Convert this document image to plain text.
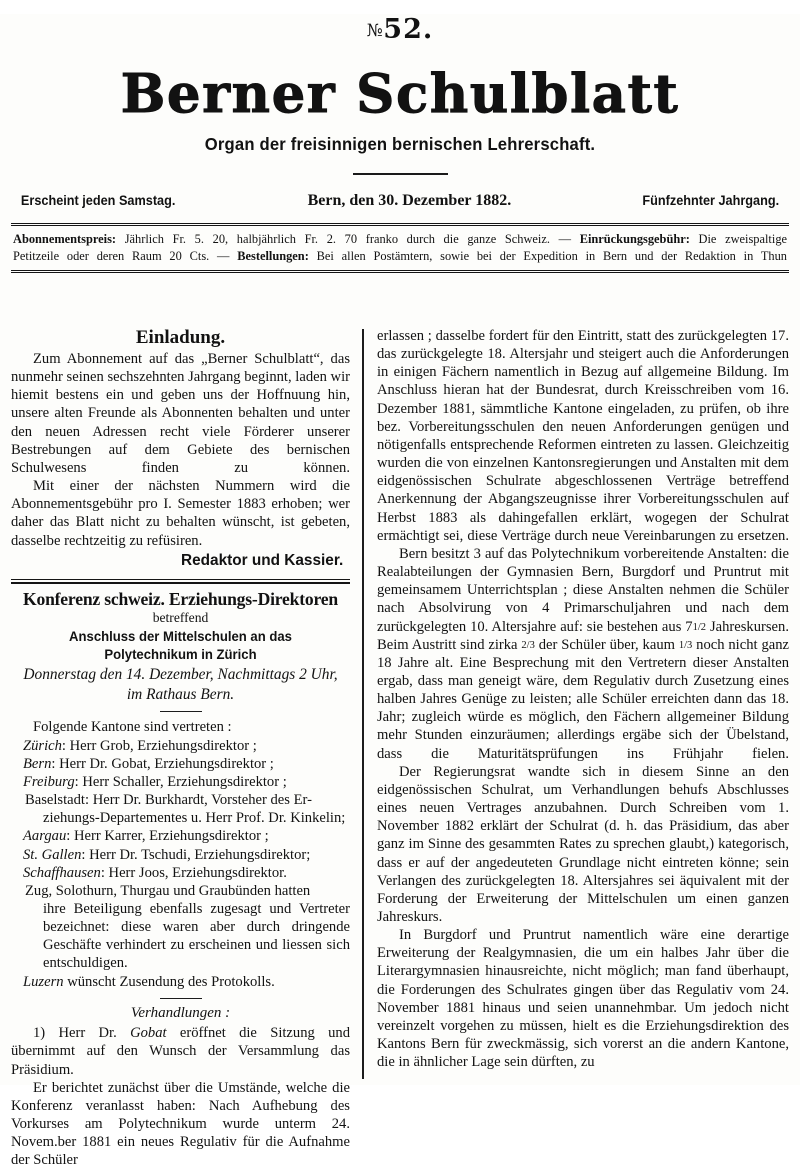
№52.
Berner Schulblatt
Organ der freisinnigen bernischen Lehrerschaft.
Erscheint jeden Samstag.	Bern, den 30. Dezember 1882.	Fünfzehnter Jahrgang.

Abonnementspreis: Jährlich Fr. 5. 20, halbjährlich Fr. 2. 70 franko durch die ganze Schweiz. — Einrückungsgebühr: Die zweispaltige

Petitzeile oder deren Raum 20 Cts. — Bestellungen: Bei allen Postämtern, sowie bei der Expedition in Bern und der Redaktion in Thun

Einladung.

Zum Abonnement auf das „Berner Schulblatt“, das nunmehr seinen sechszehnten Jahrgang beginnt, laden wir hiemit bestens ein und geben uns der Hoffnuung hin, unsere alten Freunde als Abonnenten behalten und unter den neuen Adressen recht viele Förderer unserer Bestrebungen auf dem Gebiete des bernischen Schulwesens finden zu können.

Mit einer der nächsten Nummern wird die Abonnementsgebühr pro I. Semester 1883 erhoben; wer daher das Blatt nicht zu behalten wünscht, ist gebeten, dasselbe rechtzeitig zu refüsiren.

Redaktor und Kassier.
Konferenz schweiz. Erziehungs-Direktoren
betreffend
Anschluss der Mittelschulen an das Polytechnikum in Zürich
Donnerstag den 14. Dezember, Nachmittags 2 Uhr,
im Rathaus Bern.

Folgende Kantone sind vertreten :

Zürich: Herr Grob, Erziehungsdirektor ;

Bern: Herr Dr. Gobat, Erziehungsdirektor ;

Freiburg: Herr Schaller, Erziehungsdirektor ;

Baselstadt: Herr Dr. Burkhardt, Vorsteher des Er-
ziehungs-Departementes u. Herr Prof. Dr. Kinkelin;

Aargau: Herr Karrer, Erziehungsdirektor ;

St. Gallen: Herr Dr. Tschudi, Erziehungsdirektor;

Schaffhausen: Herr Joos, Erziehungsdirektor.

Zug, Solothurn, Thurgau und Graubünden hatten
ihre Beteiligung ebenfalls zugesagt und Vertreter bezeichnet: diese waren aber durch dringende Geschäfte verhindert zu erscheinen und liessen sich entschuldigen.

Luzern wünscht Zusendung des Protokolls.

Verhandlungen :

1) Herr Dr. Gobat eröffnet die Sitzung und übernimmt auf den Wunsch der Versammlung das Präsidium.

Er berichtet zunächst über die Umstände, welche die Konferenz veranlasst haben: Nach Aufhebung des Vorkurses am Polytechnikum wurde unterm 24. Novem.ber 1881 ein neues Regulativ für die Aufnahme der Schüler

erlassen ; dasselbe fordert für den Eintritt, statt des zurückgelegten 17. das zurückgelegte 18. Altersjahr und steigert auch die Anforderungen in einigen Fächern namentlich in Bezug auf allgemeine Bildung. Im Anschluss hieran hat der Bundesrat, durch Kreisschreiben vom 16. Dezember 1881, sämmtliche Kantone eingeladen, zu prüfen, ob ihre bez. Vorbereitungsschulen den neuen Anforderungen genügen und nötigenfalls entsprechende Reformen eintreten zu lassen. Gleichzeitig wurden die von einzelnen Kantonsregierungen und Anstalten mit dem eidgenössischen Schulrate abgeschlossenen Verträge betreffend Anerkennung der Abgangszeugnisse ihrer Vorbereitungsschulen auf Herbst 1883 als dahingefallen erklärt, wogegen der Schulrat ermächtigt sei, diese Verträge durch neue Vereinbarungen zu ersetzen.

Bern besitzt 3 auf das Polytechnikum vorbereitende Anstalten: die Realabteilungen der Gymnasien Bern, Burgdorf und Pruntrut mit gemeinsamem Unterrichtsplan ; diese Anstalten nehmen die Schüler nach Absolvirung von 4 Primarschuljahren und nach dem zurückgelegten 10. Altersjahre auf: sie bestehen aus 71/2 Jahreskursen. Beim Austritt sind zirka 2/3 der Schüler über, kaum 1/3 noch nicht ganz 18 Jahre alt. Eine Besprechung mit den Vertretern dieser Anstalten ergab, dass man geneigt wäre, dem Regulativ durch Zusetzung eines halben Jahres Genüge zu leisten; alle Schüler erreichten dann das 18. Jahr; zugleich würde es möglich, den Fächern allgemeiner Bildung mehr Stunden einzuräumen; allerdings ergäbe sich der Übelstand, dass die Maturitätsprüfungen ins Frühjahr fielen.

Der Regierungsrat wandte sich in diesem Sinne an den eidgenössischen Schulrat, um Verhandlungen behufs Abschlusses eines neuen Vertrages anzubahnen. Durch Schreiben vom 1. November 1882 erklärt der Schulrat (d. h. das Präsidium, das aber ganz im Sinne des gesammten Rates zu sprechen glaubt,) kategorisch, dass er auf der angedeuteten Grundlage nicht eintreten könne; sein Verlangen des zurückgelegten 18. Altersjahres sei äquivalent mit der Forderung der Erweiterung der Mittelschulen um einen ganzen Jahreskurs.

In Burgdorf und Pruntrut namentlich wäre eine derartige Erweiterung der Realgymnasien, die um ein halbes Jahr über die Literargymnasien hinausreichte, nicht möglich; man fand überhaupt, die Forderungen des Schulrates gingen über das Regulativ vom 24. November 1881 hinaus und seien unannehmbar. Um jedoch nicht vereinzelt vorgehen zu müssen, hielt es die Erziehungsdirektion des Kantons Bern für zweckmässig, sich vorerst an die andern Kantone, die in ähnlicher Lage sein dürften, zu
